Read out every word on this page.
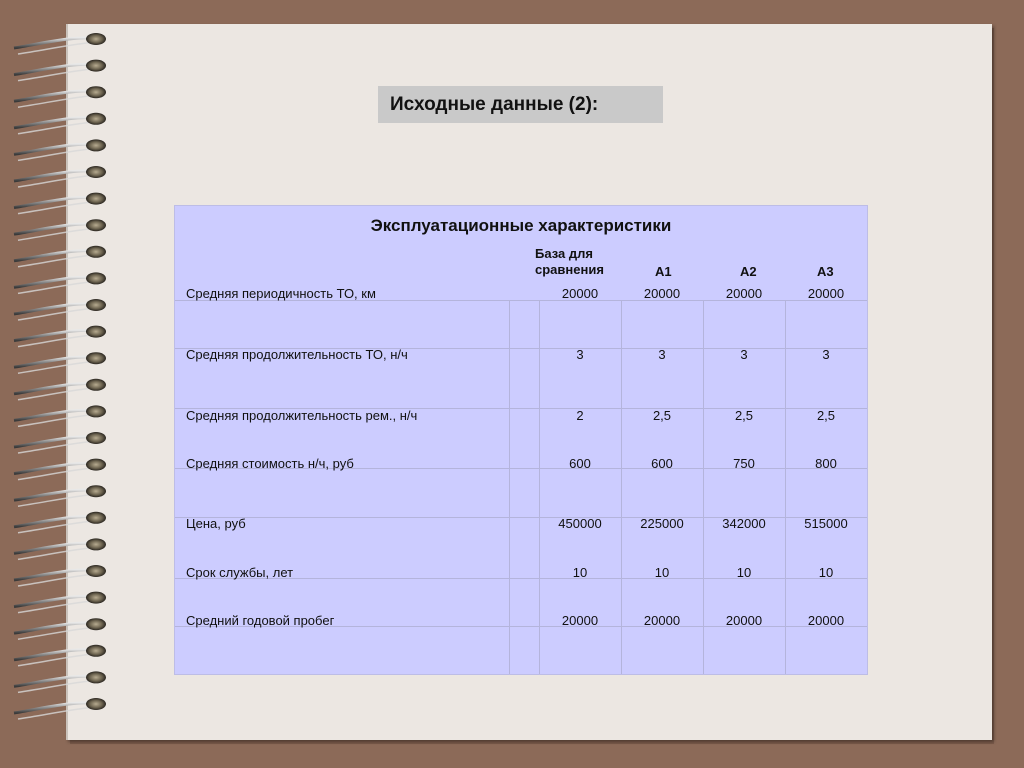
Исходные данные (2):
Эксплуатационные характеристики
База для сравнения	А1	А2	А3
Средняя периодичность ТО, км	20000	20000	20000	20000
Средняя продолжительность ТО, н/ч	3	3	3	3
Средняя продолжительность рем., н/ч	2	2,5	2,5	2,5
Средняя стоимость н/ч, руб	600	600	750	800
Цена, руб	450000	225000	342000	515000
Срок службы, лет	10	10	10	10
Средний годовой пробег	20000	20000	20000	20000
